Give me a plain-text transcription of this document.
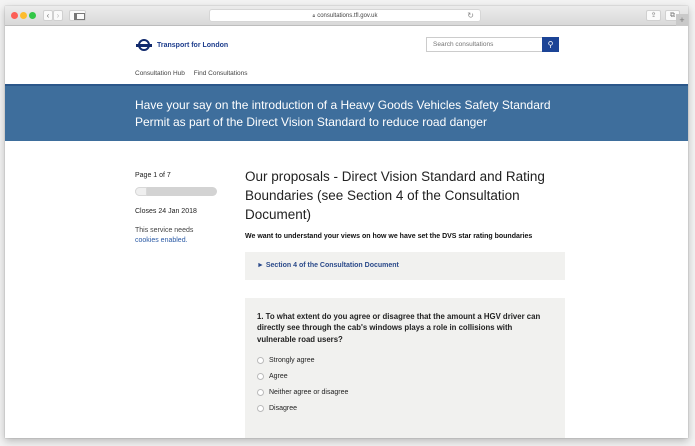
‹ ›	🔒︎ consultations.tfl.gov.uk	↻	⇪	⧉ +
Transport for London
Search consultations	⚲
Consultation Hub Find Consultations
Have your say on the introduction of a Heavy Goods Vehicles Safety Standard Permit as part of the Direct Vision Standard to reduce road danger
Page 1 of 7
Closes 24 Jan 2018
This service needs
cookies enabled.
Our proposals - Direct Vision Standard and Rating Boundaries (see Section 4 of the Consultation Document)
We want to understand your views on how we have set the DVS star rating boundaries
► Section 4 of the Consultation Document
1. To what extent do you agree or disagree that the amount a HGV driver can directly see through the cab's windows plays a role in collisions with vulnerable road users?
Strongly agree
Agree
Neither agree or disagree
Disagree
